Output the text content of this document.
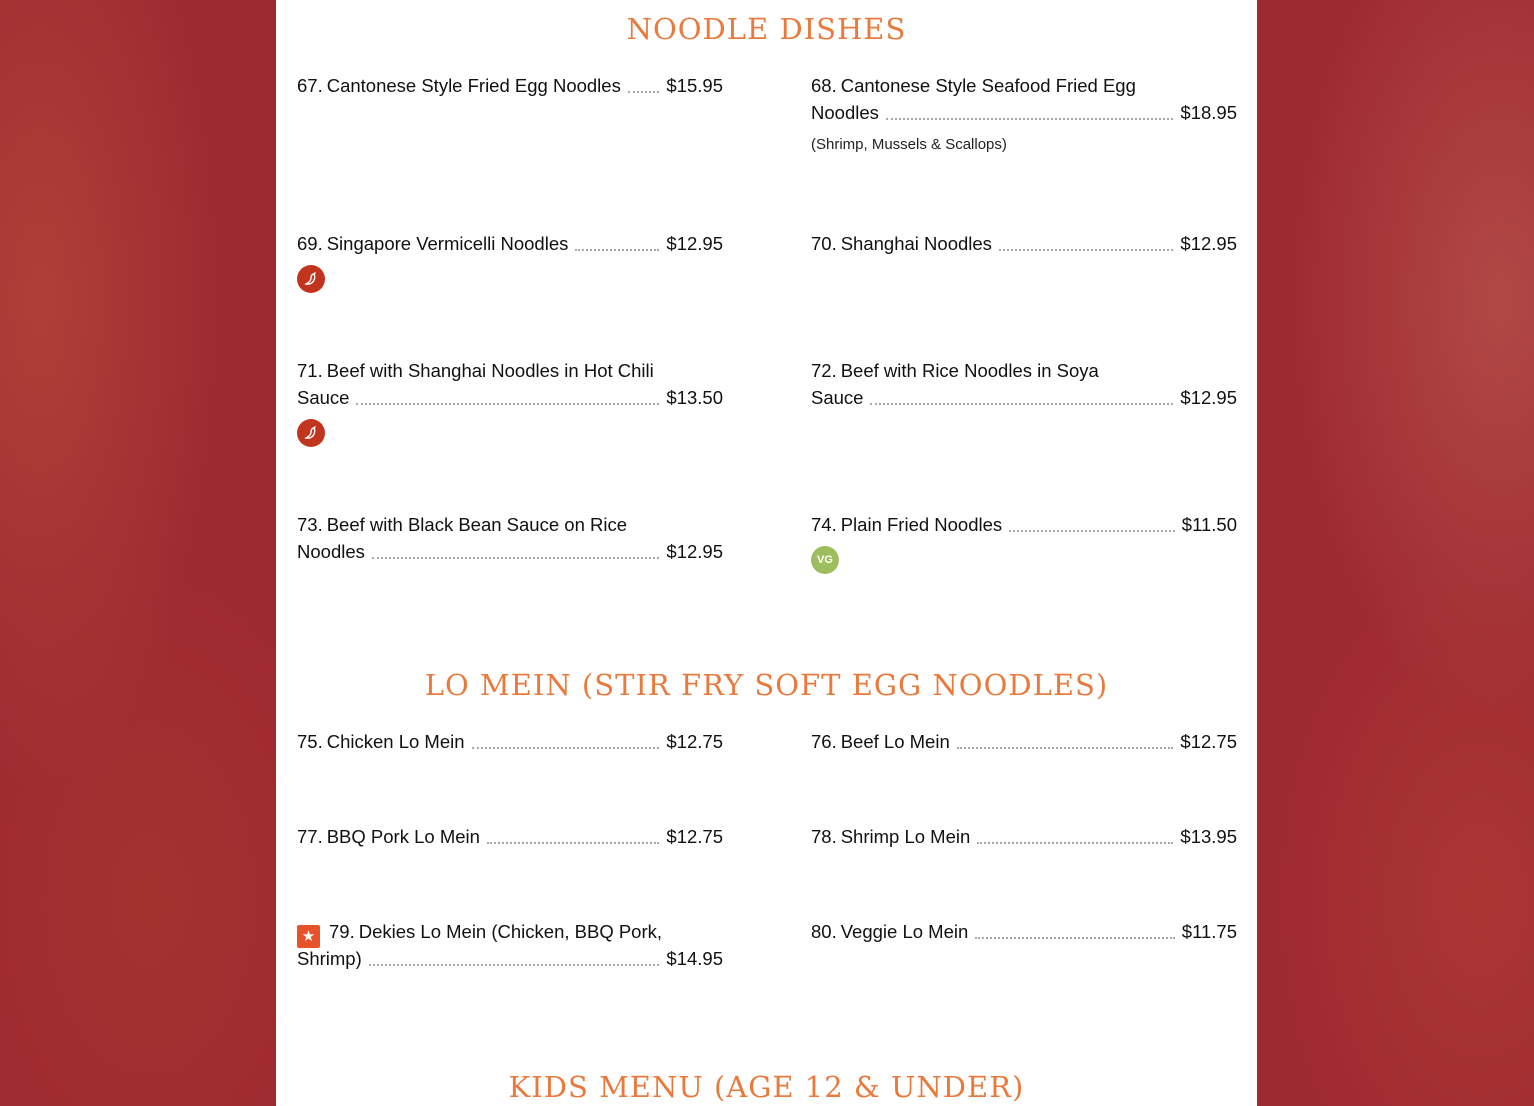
NOODLE DISHES
67. Cantonese Style Fried Egg Noodles $15.95	68. Cantonese Style Seafood Fried Egg
Noodles	$18.95
(Shrimp, Mussels & Scallops)
69. Singapore Vermicelli Noodles	$12.95	70. Shanghai Noodles	$12.95
71. Beef with Shanghai Noodles in Hot Chili
Sauce	$13.50
72. Beef with Rice Noodles in Soya
Sauce	$12.95
73. Beef with Black Bean Sauce on Rice
Noodles	$12.95
74. Plain Fried Noodles	$11.50
VG
LO MEIN (STIR FRY SOFT EGG NOODLES)
75. Chicken Lo Mein	$12.75	76. Beef Lo Mein	$12.75
77. BBQ Pork Lo Mein	$12.75	78. Shrimp Lo Mein	$13.95
★ 79. Dekies Lo Mein (Chicken, BBQ Pork,
Shrimp)	$14.95
80. Veggie Lo Mein	$11.75
KIDS MENU (AGE 12 & UNDER)
